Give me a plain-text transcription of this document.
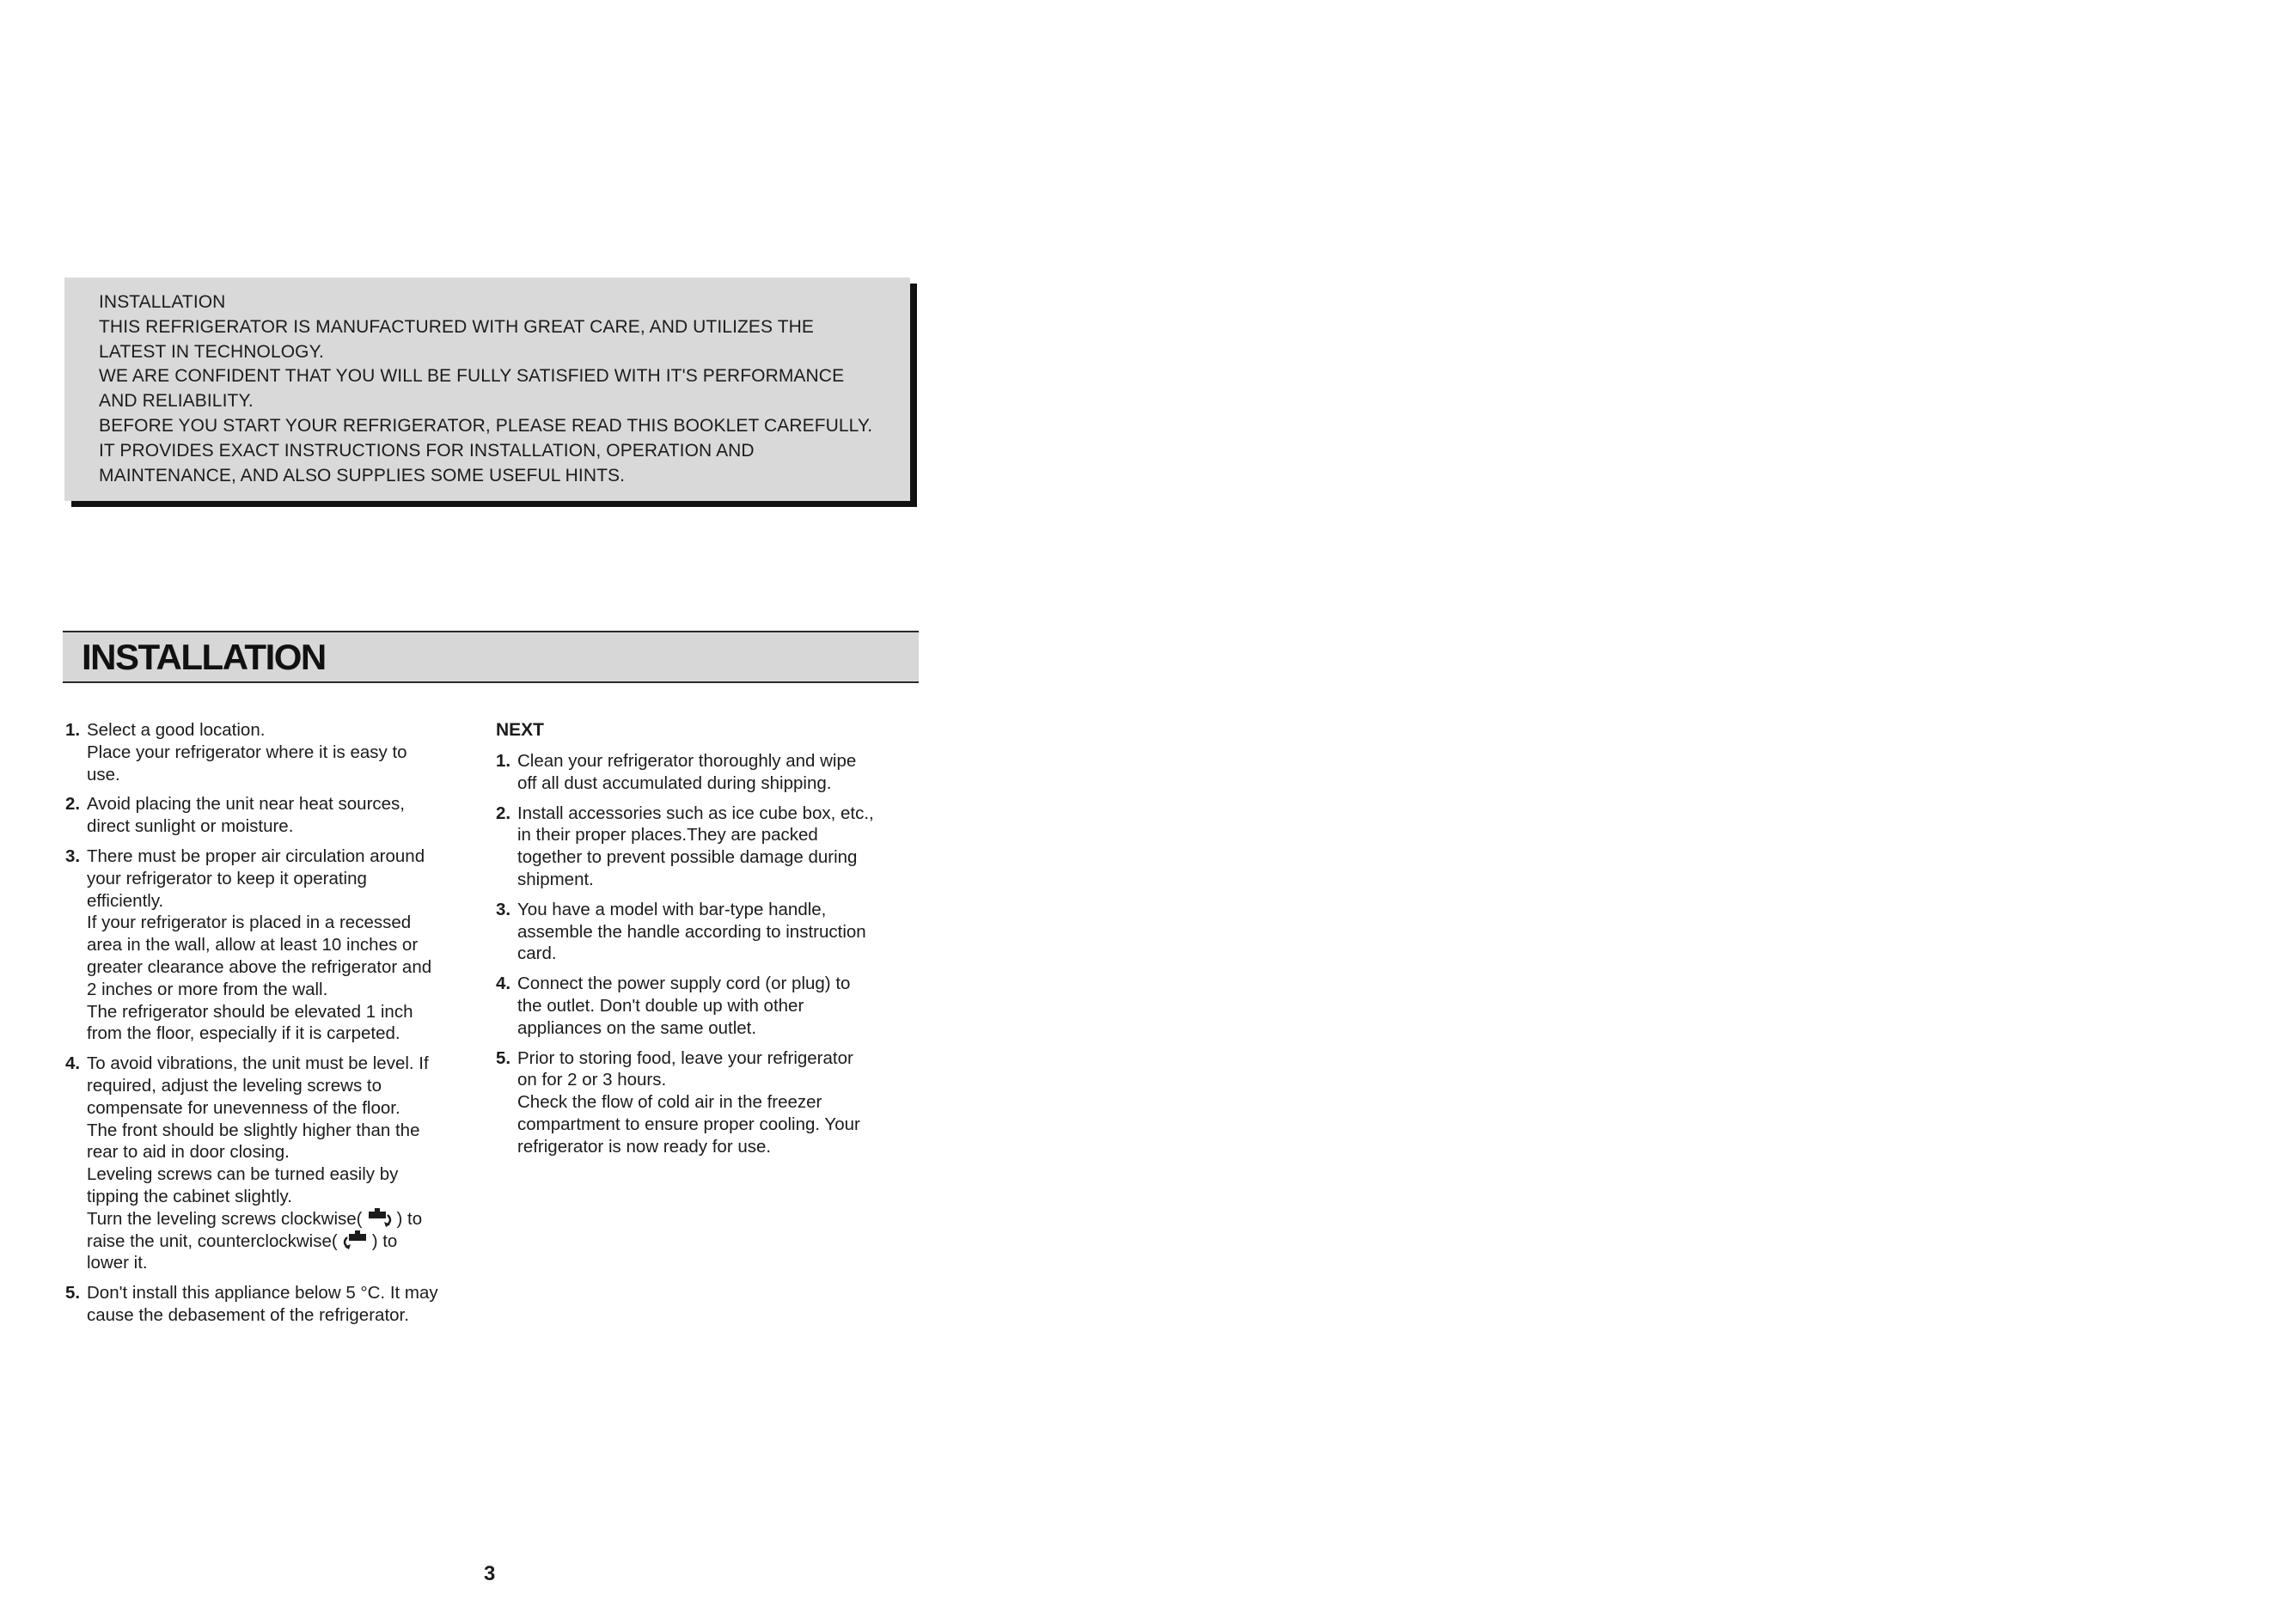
INSTALLATION

THIS REFRIGERATOR IS MANUFACTURED WITH GREAT CARE, AND UTILIZES THE

LATEST IN TECHNOLOGY.

WE ARE CONFIDENT THAT YOU WILL BE FULLY SATISFIED WITH IT'S PERFORMANCE

AND RELIABILITY.

BEFORE YOU START YOUR REFRIGERATOR, PLEASE READ THIS BOOKLET CAREFULLY.

IT PROVIDES EXACT INSTRUCTIONS FOR INSTALLATION, OPERATION AND

MAINTENANCE, AND ALSO SUPPLIES SOME USEFUL HINTS.

INSTALLATION
1. Select a good location.
Place your refrigerator where it is easy to
use.
2. Avoid placing the unit near heat sources,
direct sunlight or moisture.
3. There must be proper air circulation around
your refrigerator to keep it operating
efficiently.
If your refrigerator is placed in a recessed
area in the wall, allow at least 10 inches or
greater clearance above the refrigerator and
2 inches or more from the wall.
The refrigerator should be elevated 1 inch
from the floor, especially if it is carpeted.
4. To avoid vibrations, the unit must be level. If
required, adjust the leveling screws to
compensate for unevenness of the floor.
The front should be slightly higher than the
rear to aid in door closing.
Leveling screws can be turned easily by
tipping the cabinet slightly.
Turn the leveling screws clockwise( ) to
raise the unit, counterclockwise( ) to
lower it.
5. Don't install this appliance below 5 °C. It may
cause the debasement of the refrigerator.

NEXT

1. Clean your refrigerator thoroughly and wipe
off all dust accumulated during shipping.
2. Install accessories such as ice cube box, etc.,
in their proper places.They are packed
together to prevent possible damage during
shipment.
3. You have a model with bar-type handle,
assemble the handle according to instruction
card.
4. Connect the power supply cord (or plug) to
the outlet. Don't double up with other
appliances on the same outlet.
5. Prior to storing food, leave your refrigerator
on for 2 or 3 hours.
Check the flow of cold air in the freezer
compartment to ensure proper cooling. Your
refrigerator is now ready for use.

3
